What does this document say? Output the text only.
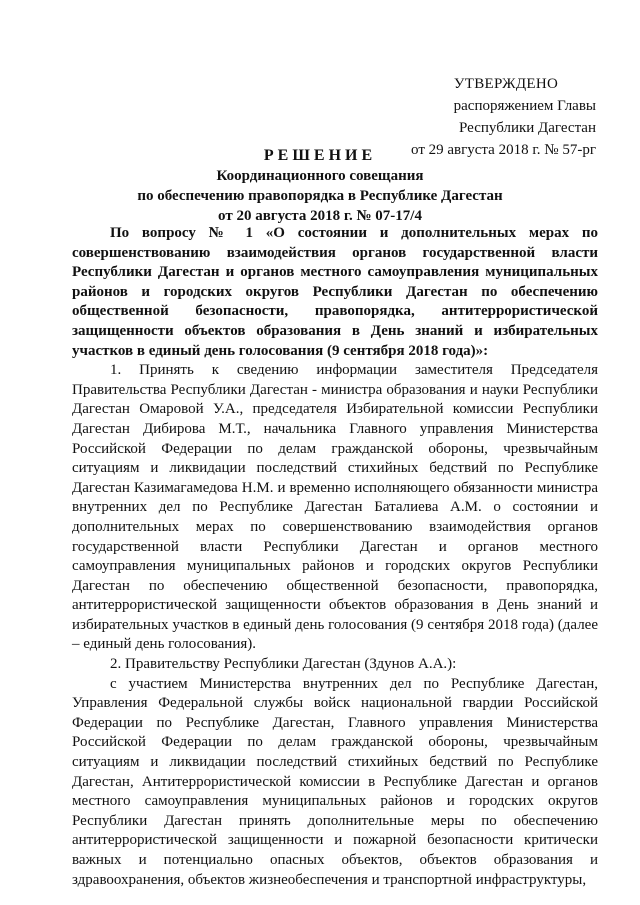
УТВЕРЖДЕНО
распоряжением Главы
Республики Дагестан
от 29 августа 2018 г. № 57-рг
РЕШЕНИЕ
Координационного совещания
по обеспечению правопорядка в Республике Дагестан
от 20 августа 2018 г. № 07-17/4

По вопросу № 1 «О состоянии и дополнительных мерах по совершенствованию взаимодействия органов государственной власти Республики Дагестан и органов местного самоуправления муниципальных районов и городских округов Республики Дагестан по обеспечению общественной безопасности, правопорядка, антитеррористической защищенности объектов образования в День знаний и избирательных участков в единый день голосования (9 сентября 2018 года)»:

1. Принять к сведению информации заместителя Председателя Правительства Республики Дагестан - министра образования и науки Республики Дагестан Омаровой У.А., председателя Избирательной комиссии Республики Дагестан Дибирова М.Т., начальника Главного управления Министерства Российской Федерации по делам гражданской обороны, чрезвычайным ситуациям и ликвидации последствий стихийных бедствий по Республике Дагестан Казимагамедова Н.М. и временно исполняющего обязанности министра внутренних дел по Республике Дагестан Баталиева А.М. о состоянии и дополнительных мерах по совершенствованию взаимодействия органов государственной власти Республики Дагестан и органов местного самоуправления муниципальных районов и городских округов Республики Дагестан по обеспечению общественной безопасности, правопорядка, антитеррористической защищенности объектов образования в День знаний и избирательных участков в единый день голосования (9 сентября 2018 года) (далее – единый день голосования).

2. Правительству Республики Дагестан (Здунов А.А.):

с участием Министерства внутренних дел по Республике Дагестан, Управления Федеральной службы войск национальной гвардии Российской Федерации по Республике Дагестан, Главного управления Министерства Российской Федерации по делам гражданской обороны, чрезвычайным ситуациям и ликвидации последствий стихийных бедствий по Республике Дагестан, Антитеррористической комиссии в Республике Дагестан и органов местного самоуправления муниципальных районов и городских округов Республики Дагестан принять дополнительные меры по обеспечению антитеррористической защищенности и пожарной безопасности критически важных и потенциально опасных объектов, объектов образования и здравоохранения, объектов жизнеобеспечения и транспортной инфраструктуры,
